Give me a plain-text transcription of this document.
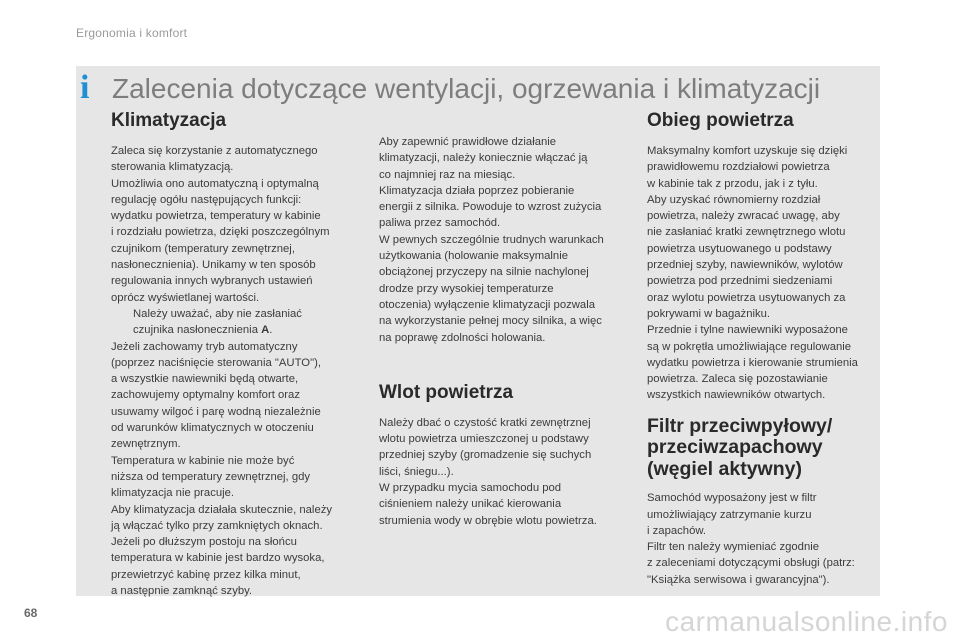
Ergonomia i komfort
i Zalecenia dotyczące wentylacji, ogrzewania i klimatyzacji
Klimatyzacja

Zaleca się korzystanie z automatycznego
sterowania klimatyzacją.
Umożliwia ono automatyczną i optymalną
regulację ogółu następujących funkcji:
wydatku powietrza, temperatury w kabinie
i rozdziału powietrza, dzięki poszczególnym
czujnikom (temperatury zewnętrznej,
nasłonecznienia). Unikamy w ten sposób
regulowania innych wybranych ustawień
oprócz wyświetlanej wartości.

Należy uważać, aby nie zasłaniać
czujnika nasłonecznienia A.

Jeżeli zachowamy tryb automatyczny
(poprzez naciśnięcie sterowania "AUTO"),
a wszystkie nawiewniki będą otwarte,
zachowujemy optymalny komfort oraz
usuwamy wilgoć i parę wodną niezależnie
od warunków klimatycznych w otoczeniu
zewnętrznym.
Temperatura w kabinie nie może być
niższa od temperatury zewnętrznej, gdy
klimatyzacja nie pracuje.
Aby klimatyzacja działała skutecznie, należy
ją włączać tylko przy zamkniętych oknach.
Jeżeli po dłuższym postoju na słońcu
temperatura w kabinie jest bardzo wysoka,
przewietrzyć kabinę przez kilka minut,
a następnie zamknąć szyby.

Aby zapewnić prawidłowe działanie
klimatyzacji, należy koniecznie włączać ją
co najmniej raz na miesiąc.
Klimatyzacja działa poprzez pobieranie
energii z silnika. Powoduje to wzrost zużycia
paliwa przez samochód.
W pewnych szczególnie trudnych warunkach
użytkowania (holowanie maksymalnie
obciążonej przyczepy na silnie nachylonej
drodze przy wysokiej temperaturze
otoczenia) wyłączenie klimatyzacji pozwala
na wykorzystanie pełnej mocy silnika, a więc
na poprawę zdolności holowania.

Wlot powietrza

Należy dbać o czystość kratki zewnętrznej
wlotu powietrza umieszczonej u podstawy
przedniej szyby (gromadzenie się suchych
liści, śniegu...).
W przypadku mycia samochodu pod
ciśnieniem należy unikać kierowania
strumienia wody w obrębie wlotu powietrza.

Obieg powietrza

Maksymalny komfort uzyskuje się dzięki
prawidłowemu rozdziałowi powietrza
w kabinie tak z przodu, jak i z tyłu.
Aby uzyskać równomierny rozdział
powietrza, należy zwracać uwagę, aby
nie zasłaniać kratki zewnętrznego wlotu
powietrza usytuowanego u podstawy
przedniej szyby, nawiewników, wylotów
powietrza pod przednimi siedzeniami
oraz wylotu powietrza usytuowanych za
pokrywami w bagażniku.
Przednie i tylne nawiewniki wyposażone
są w pokrętła umożliwiające regulowanie
wydatku powietrza i kierowanie strumienia
powietrza. Zaleca się pozostawianie
wszystkich nawiewników otwartych.

Filtr przeciwpyłowy/
przeciwzapachowy
(węgiel aktywny)

Samochód wyposażony jest w filtr
umożliwiający zatrzymanie kurzu
i zapachów.
Filtr ten należy wymieniać zgodnie
z zaleceniami dotyczącymi obsługi (patrz:
"Książka serwisowa i gwarancyjna").

68	carmanualsonline.info
